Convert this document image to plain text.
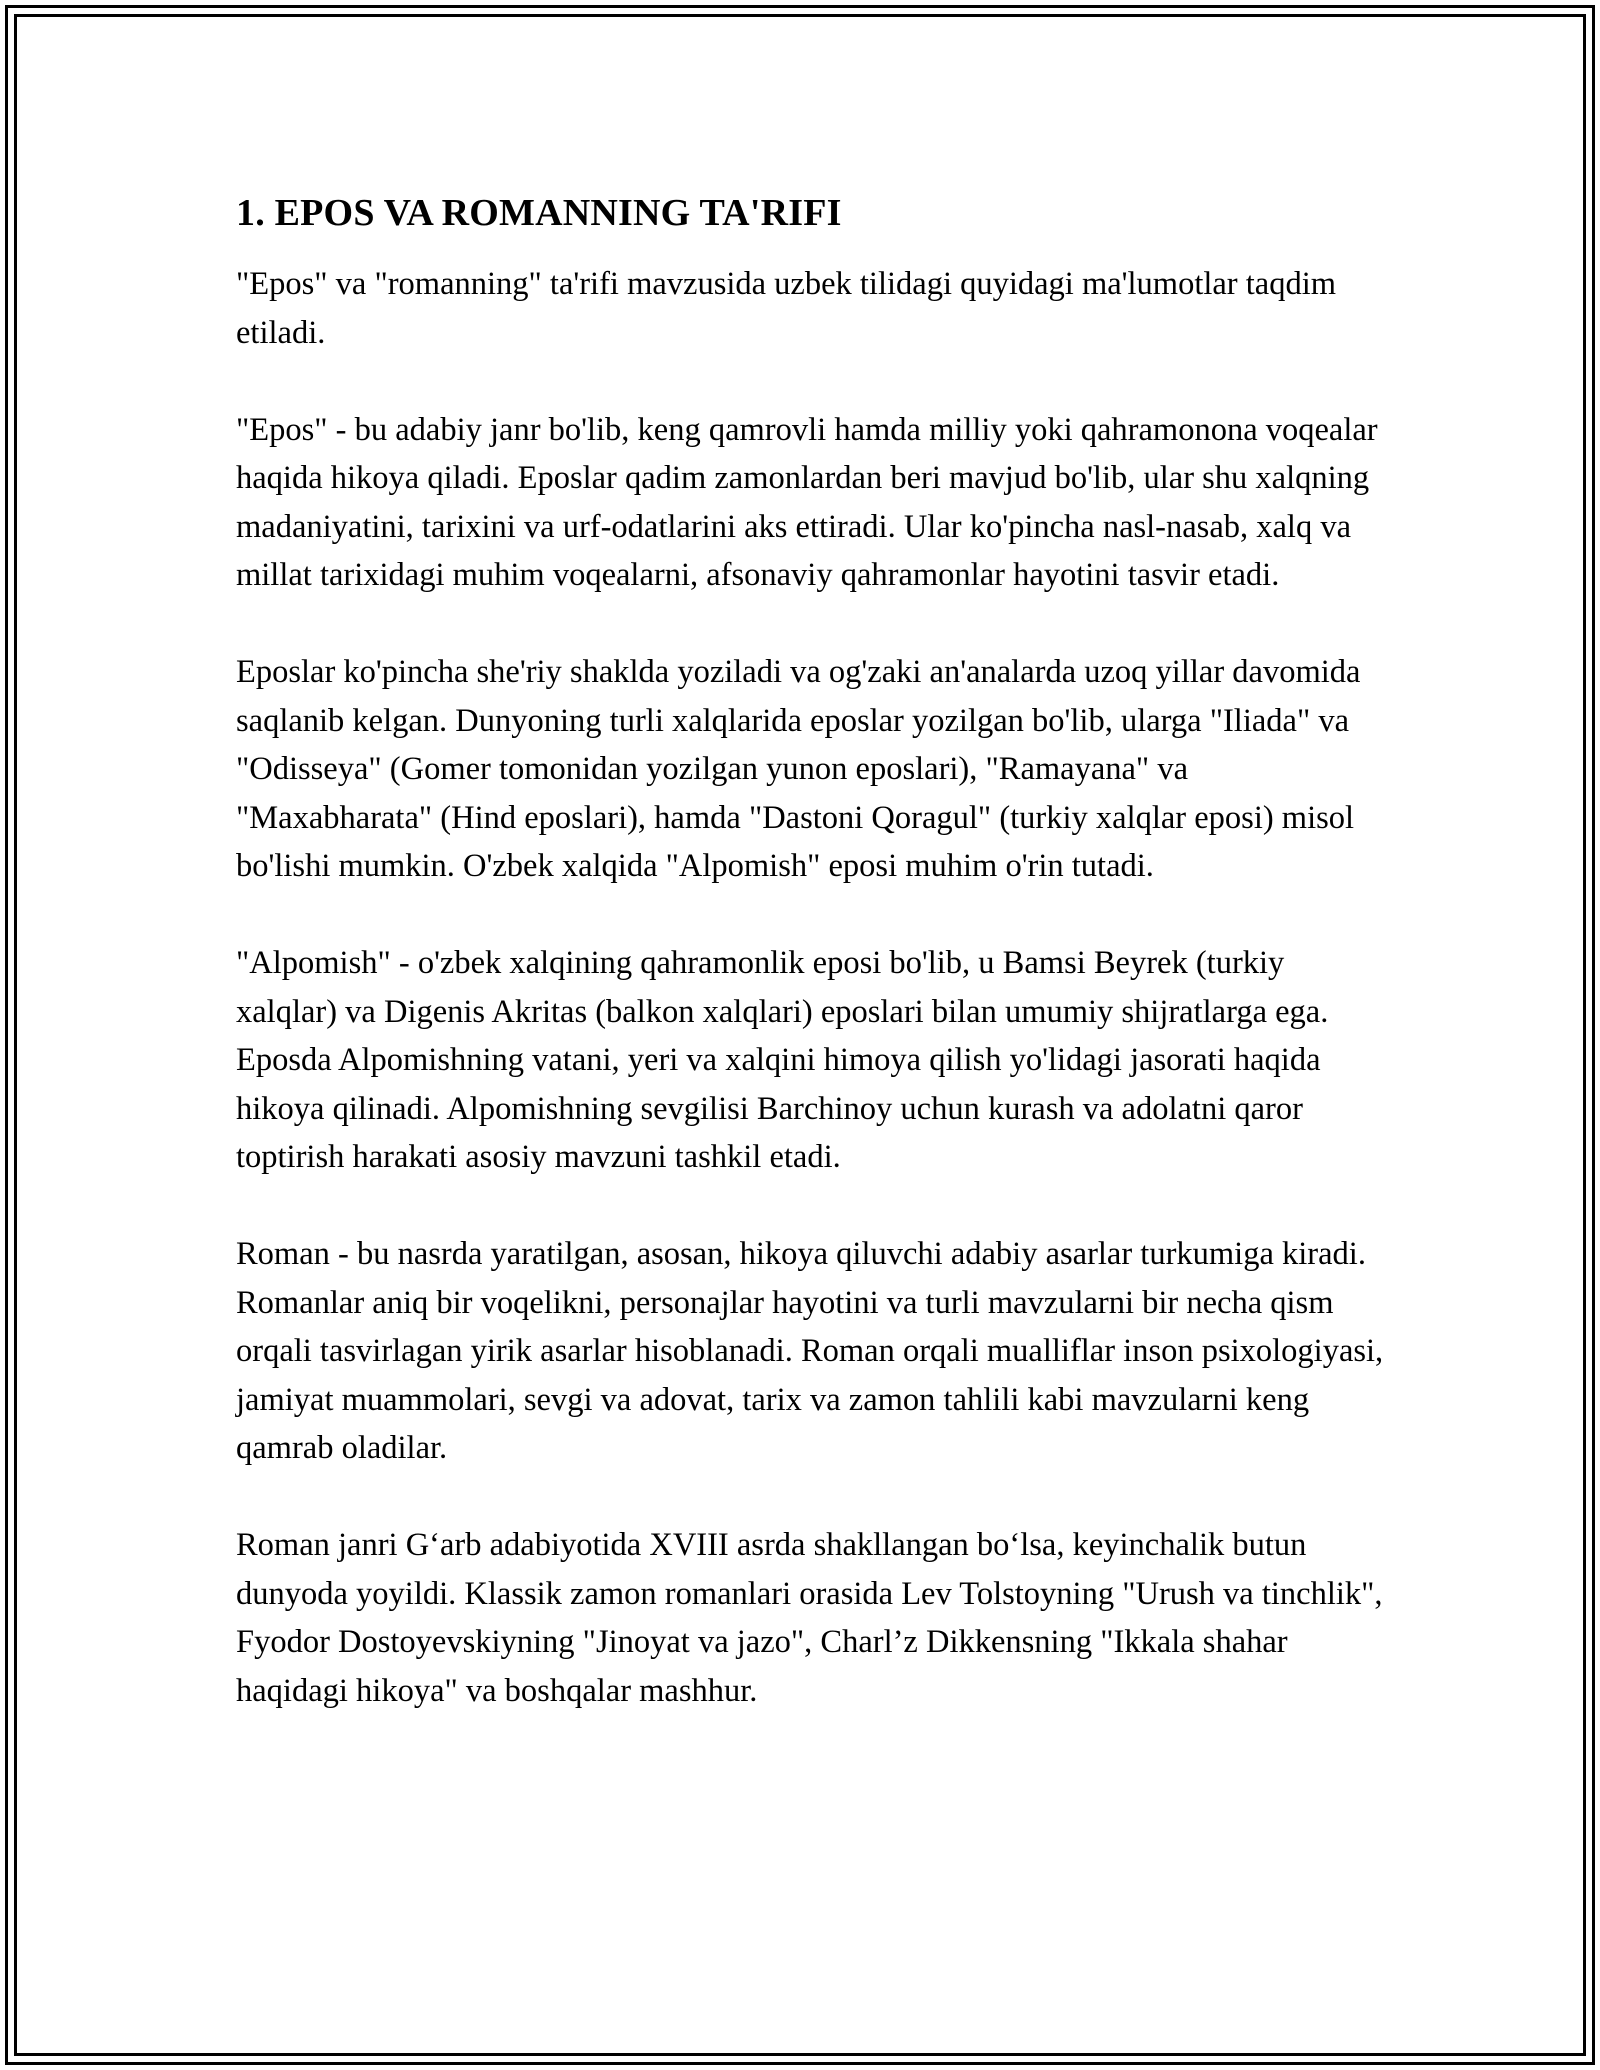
1. EPOS VA ROMANNING TA'RIFI

"Epos" va "romanning" ta'rifi mavzusida uzbek tilidagi quyidagi ma'lumotlar taqdim etiladi.

"Epos" - bu adabiy janr bo'lib, keng qamrovli hamda milliy yoki qahramonona voqealar haqida hikoya qiladi. Eposlar qadim zamonlardan beri mavjud bo'lib, ular shu xalqning madaniyatini, tarixini va urf-odatlarini aks ettiradi. Ular ko'pincha nasl-nasab, xalq va millat tarixidagi muhim voqealarni, afsonaviy qahramonlar hayotini tasvir etadi.

Eposlar ko'pincha she'riy shaklda yoziladi va og'zaki an'analarda uzoq yillar davomida saqlanib kelgan. Dunyoning turli xalqlarida eposlar yozilgan bo'lib, ularga "Iliada" va "Odisseya" (Gomer tomonidan yozilgan yunon eposlari), "Ramayana" va "Maxabharata" (Hind eposlari), hamda "Dastoni Qoragul" (turkiy xalqlar eposi) misol bo'lishi mumkin. O'zbek xalqida "Alpomish" eposi muhim o'rin tutadi.

"Alpomish" - o'zbek xalqining qahramonlik eposi bo'lib, u Bamsi Beyrek (turkiy xalqlar) va Digenis Akritas (balkon xalqlari) eposlari bilan umumiy shijratlarga ega. Eposda Alpomishning vatani, yeri va xalqini himoya qilish yo'lidagi jasorati haqida hikoya qilinadi. Alpomishning sevgilisi Barchinoy uchun kurash va adolatni qaror toptirish harakati asosiy mavzuni tashkil etadi.

Roman - bu nasrda yaratilgan, asosan, hikoya qiluvchi adabiy asarlar turkumiga kiradi. Romanlar aniq bir voqelikni, personajlar hayotini va turli mavzularni bir necha qism orqali tasvirlagan yirik asarlar hisoblanadi. Roman orqali mualliflar inson psixologiyasi, jamiyat muammolari, sevgi va adovat, tarix va zamon tahlili kabi mavzularni keng qamrab oladilar.

Roman janri G‘arb adabiyotida XVIII asrda shakllangan bo‘lsa, keyinchalik butun dunyoda yoyildi. Klassik zamon romanlari orasida Lev Tolstoyning "Urush va tinchlik", Fyodor Dostoyevskiyning "Jinoyat va jazo", Charl’z Dikkensning "Ikkala shahar haqidagi hikoya" va boshqalar mashhur.
